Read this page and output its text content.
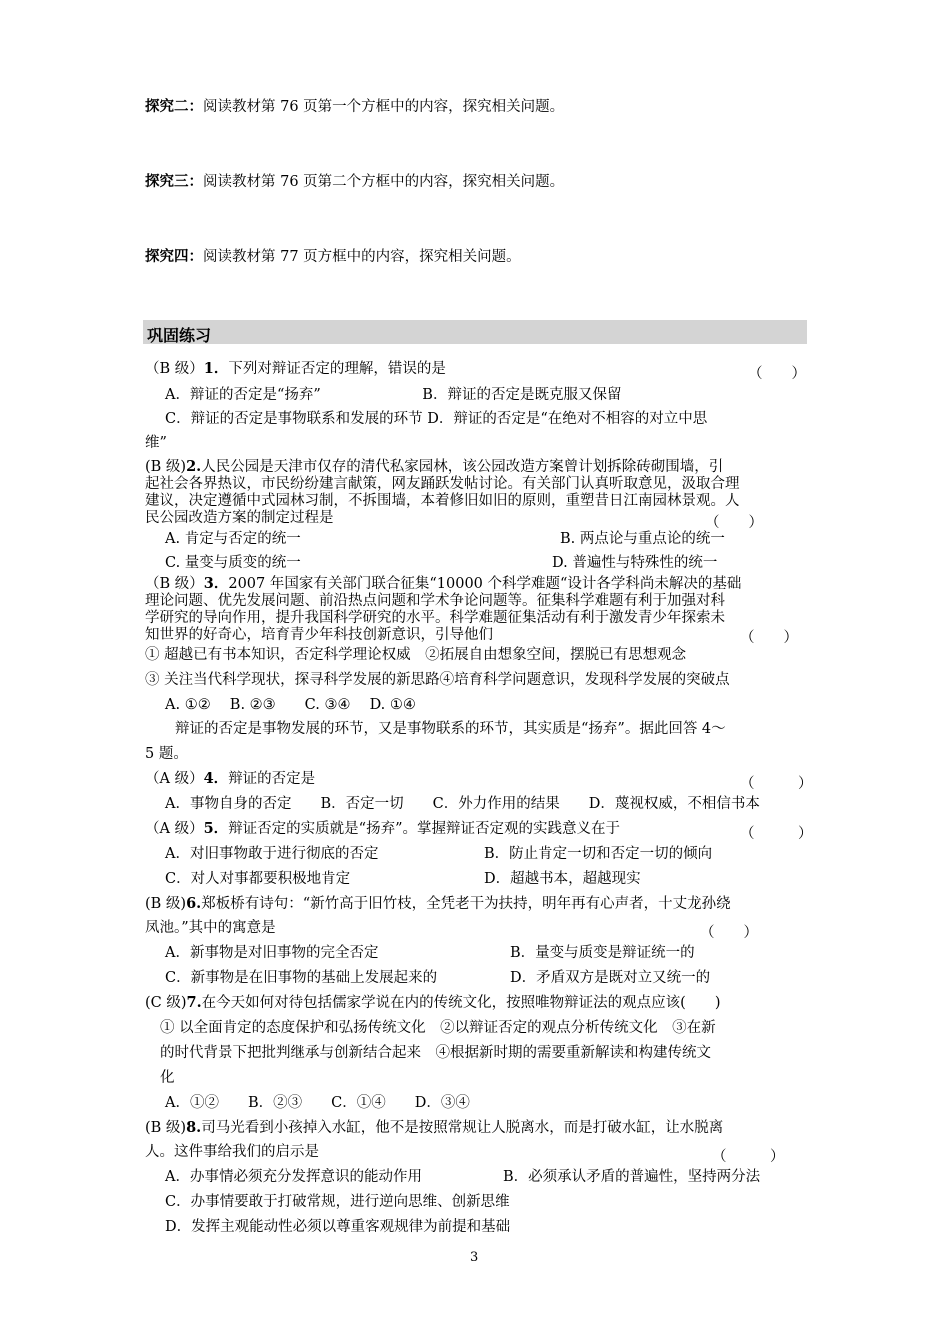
探究二：阅读教材第 76 页第一个方框中的内容，探究相关问题。
探究三：阅读教材第 76 页第二个方框中的内容，探究相关问题。
探究四：阅读教材第 77 页方框中的内容，探究相关问题。
巩固练习
（B 级）1．下列对辩证否定的理解，错误的是	（　　）
A．辩证的否定是“扬弃”　　　　　　　B．辩证的否定是既克服又保留
C．辩证的否定是事物联系和发展的环节 D．辩证的否定是“在绝对不相容的对立中思
维”
(B 级)2.人民公园是天津市仅存的清代私家园林，该公园改造方案曾计划拆除砖砌围墙，引
起社会各界热议，市民纷纷建言献策，网友踊跃发帖讨论。有关部门认真听取意见，汲取合理
建议，决定遵循中式园林习制，不拆围墙，本着修旧如旧的原则，重塑昔日江南园林景观。人
民公园改造方案的制定过程是	（　　）
A. 肯定与否定的统一	B. 两点论与重点论的统一
C. 量变与质变的统一	D. 普遍性与特殊性的统一
（B 级）3．2007 年国家有关部门联合征集“10000 个科学难题“设计各学科尚未解决的基础
理论问题、优先发展问题、前沿热点问题和学术争论问题等。征集科学难题有利于加强对科
学研究的导向作用，提升我国科学研究的水平。科学难题征集活动有利于激发青少年探索未
知世界的好奇心，培育青少年科技创新意识，引导他们	（　　）
① 超越已有书本知识，否定科学理论权威　②拓展自由想象空间，摆脱已有思想观念
③ 关注当代科学现状，探寻科学发展的新思路④培育科学问题意识，发现科学发展的突破点
A. ①②　 B. ②③　　C. ③④　 D. ①④
辩证的否定是事物发展的环节，又是事物联系的环节，其实质是“扬弃”。据此回答 4～
5 题。
（A 级）4．辩证的否定是	（　　　）
A．事物自身的否定　　B．否定一切　　C．外力作用的结果　　D．蔑视权威，不相信书本
（A 级）5．辩证否定的实质就是“扬弃”。掌握辩证否定观的实践意义在于	（　　　）
A．对旧事物敢于进行彻底的否定	B．防止肯定一切和否定一切的倾向
C．对人对事都要积极地肯定	D．超越书本，超越现实
(B 级)6.郑板桥有诗句：“新竹高于旧竹枝，全凭老干为扶持，明年再有心声者，十丈龙孙绕
凤池。”其中的寓意是	（　　）
A．新事物是对旧事物的完全否定	B．量变与质变是辩证统一的
C．新事物是在旧事物的基础上发展起来的	D．矛盾双方是既对立又统一的
(C 级)7.在今天如何对待包括儒家学说在内的传统文化，按照唯物辩证法的观点应该(　　)
① 以全面肯定的态度保护和弘扬传统文化　②以辩证否定的观点分析传统文化　③在新
的时代背景下把批判继承与创新结合起来　④根据新时期的需要重新解读和构建传统文
化
A．①②　　B．②③　　C．①④　　D．③④
(B 级)8.司马光看到小孩掉入水缸，他不是按照常规让人脱离水，而是打破水缸，让水脱离
人。这件事给我们的启示是	（　　　）
A．办事情必须充分发挥意识的能动作用	B．必须承认矛盾的普遍性，坚持两分法
C．办事情要敢于打破常规，进行逆向思维、创新思维
D．发挥主观能动性必须以尊重客观规律为前提和基础
3
